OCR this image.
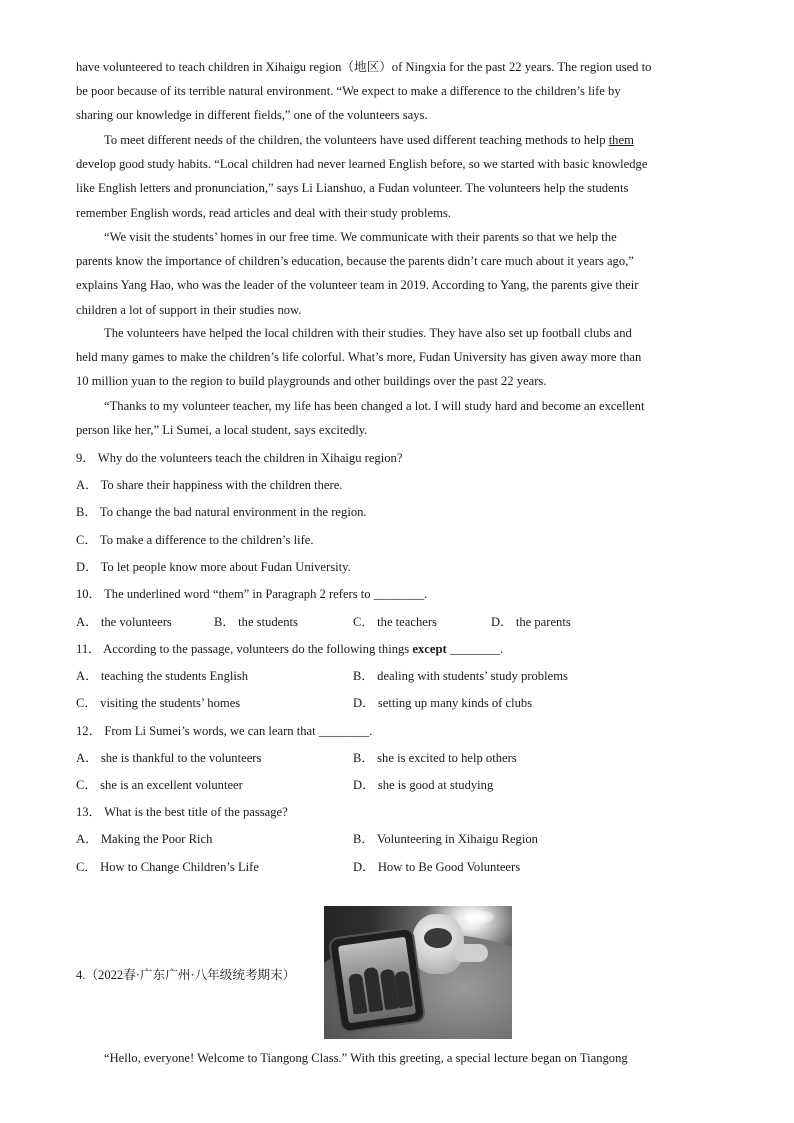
have volunteered to teach children in Xihaigu region（地区）of Ningxia for the past 22 years. The region used to
be poor because of its terrible natural environment. “We expect to make a difference to the children’s life by
sharing our knowledge in different fields,” one of the volunteers says.
To meet different needs of the children, the volunteers have used different teaching methods to help them
develop good study habits. “Local children had never learned English before, so we started with basic knowledge
like English letters and pronunciation,” says Li Lianshuo, a Fudan volunteer. The volunteers help the students
remember English words, read articles and deal with their study problems.
“We visit the students’ homes in our free time. We communicate with their parents so that we help the
parents know the importance of children’s education, because the parents didn’t care much about it years ago,”
explains Yang Hao, who was the leader of the volunteer team in 2019. According to Yang, the parents give their
children a lot of support in their studies now.
The volunteers have helped the local children with their studies. They have also set up football clubs and
held many games to make the children’s life colorful. What’s more, Fudan University has given away more than
10 million yuan to the region to build playgrounds and other buildings over the past 22 years.
“Thanks to my volunteer teacher, my life has been changed a lot. I will study hard and become an excellent
person like her,” Li Sumei, a local student, says excitedly.
9． Why do the volunteers teach the children in Xihaigu region?
A． To share their happiness with the children there.
B． To change the bad natural environment in the region.
C． To make a difference to the children’s life.
D． To let people know more about Fudan University.
10． The underlined word “them” in Paragraph 2 refers to ________.
A． the volunteers	B． the students	C． the teachers	D． the parents
11． According to the passage, volunteers do the following things except ________.
A． teaching the students English	B． dealing with students’ study problems
C． visiting the students’ homes	D． setting up many kinds of clubs
12． From Li Sumei’s words, we can learn that ________.
A． she is thankful to the volunteers	B． she is excited to help others
C． she is an excellent volunteer	D． she is good at studying
13． What is the best title of the passage?
A． Making the Poor Rich	B． Volunteering in Xihaigu Region
C． How to Change Children’s Life	D． How to Be Good Volunteers
4.（2022春·广东广州·八年级统考期末）
“Hello, everyone! Welcome to Tiangong Class.” With this greeting, a special lecture began on Tiangong
